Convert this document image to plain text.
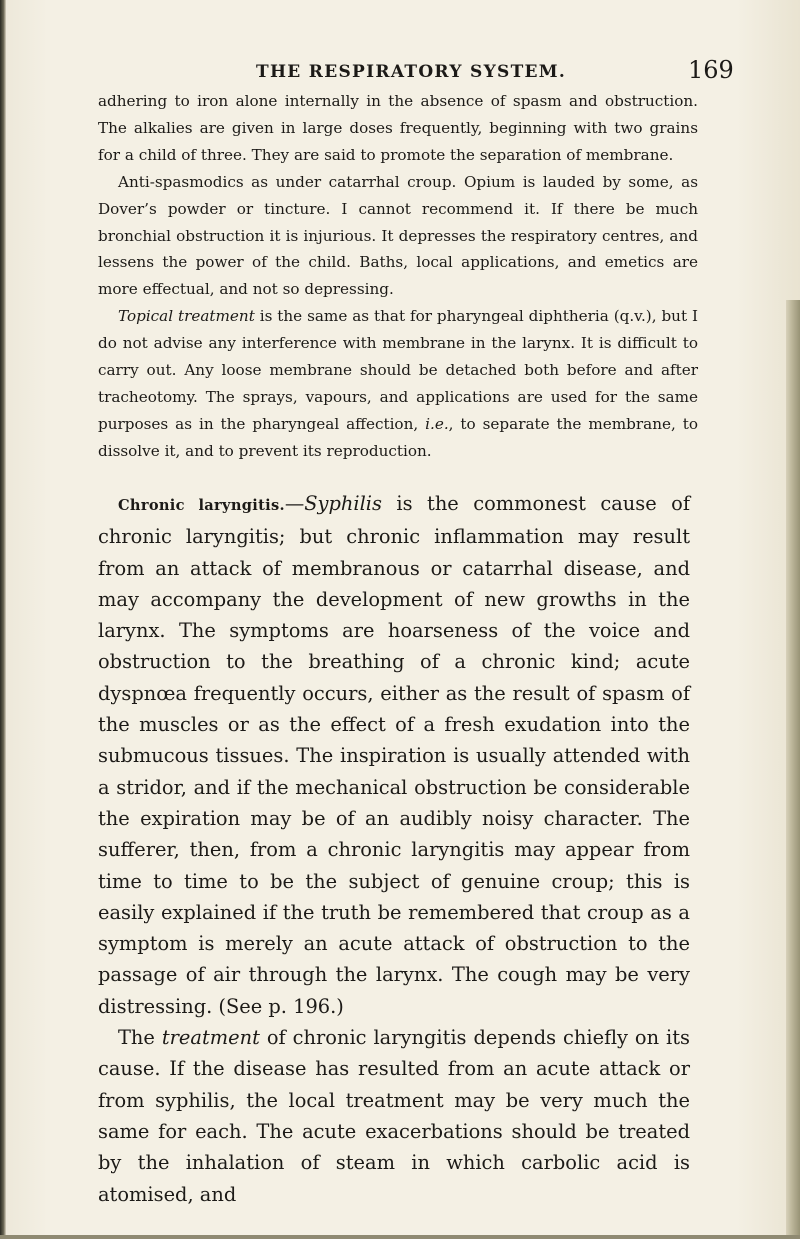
THE RESPIRATORY SYSTEM.	169

adhering to iron alone internally in the absence of spasm and obstruction. The alkalies are given in large doses frequently, beginning with two grains for a child of three. They are said to promote the separation of membrane.

Anti-spasmodics as under catarrhal croup. Opium is lauded by some, as Dover’s powder or tincture. I cannot recommend it. If there be much bronchial obstruction it is injurious. It depresses the respiratory centres, and lessens the power of the child. Baths, local applications, and emetics are more effectual, and not so depressing.

Topical treatment is the same as that for pharyngeal diphtheria (q.v.), but I do not advise any interference with membrane in the larynx. It is difficult to carry out. Any loose membrane should be detached both before and after tracheotomy. The sprays, vapours, and applications are used for the same purposes as in the pharyngeal affection, i.e., to separate the membrane, to dissolve it, and to prevent its reproduction.

Chronic laryngitis.—Syphilis is the commonest cause of chronic laryngitis; but chronic inflammation may result from an attack of membranous or catarrhal disease, and may accompany the development of new growths in the larynx. The symptoms are hoarseness of the voice and obstruction to the breathing of a chronic kind; acute dyspnœa frequently occurs, either as the result of spasm of the muscles or as the effect of a fresh exudation into the submucous tissues. The inspiration is usually attended with a stridor, and if the mechanical obstruction be considerable the expiration may be of an audibly noisy character. The sufferer, then, from a chronic laryngitis may appear from time to time to be the subject of genuine croup; this is easily explained if the truth be remembered that croup as a symptom is merely an acute attack of obstruction to the passage of air through the larynx. The cough may be very distressing. (See p. 196.)

The treatment of chronic laryngitis depends chiefly on its cause. If the disease has resulted from an acute attack or from syphilis, the local treatment may be very much the same for each. The acute exacerbations should be treated by the inhalation of steam in which carbolic acid is atomised, and
